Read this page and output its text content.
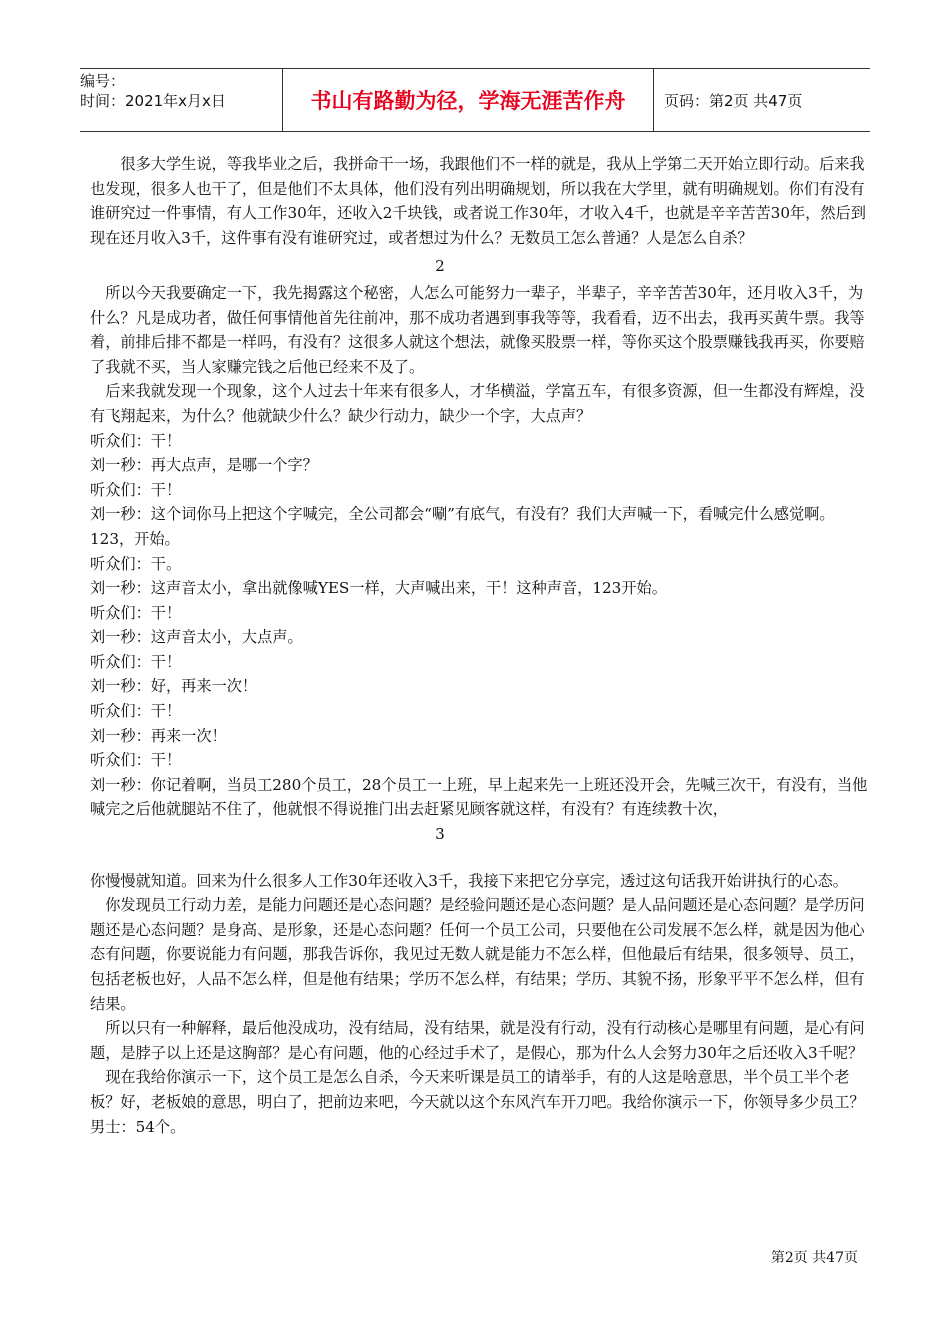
编号：
时间：2021年x月x日	书山有路勤为径，学海无涯苦作舟	页码：第2页 共47页

很多大学生说，等我毕业之后，我拼命干一场，我跟他们不一样的就是，我从上学第二天开始立即行动。后来我也发现，很多人也干了，但是他们不太具体，他们没有列出明确规划，所以我在大学里，就有明确规划。你们有没有谁研究过一件事情，有人工作30年，还收入2千块钱，或者说工作30年，才收入4千，也就是辛辛苦苦30年，然后到现在还月收入3千，这件事有没有谁研究过，或者想过为什么？无数员工怎么普通？人是怎么自杀？

2

所以今天我要确定一下，我先揭露这个秘密，人怎么可能努力一辈子，半辈子，辛辛苦苦30年，还月收入3千，为什么？凡是成功者，做任何事情他首先往前冲，那不成功者遇到事我等等，我看看，迈不出去，我再买黄牛票。我等着，前排后排不都是一样吗，有没有？这很多人就这个想法，就像买股票一样，等你买这个股票赚钱我再买，你要赔了我就不买，当人家赚完钱之后他已经来不及了。

后来我就发现一个现象，这个人过去十年来有很多人，才华横溢，学富五车，有很多资源，但一生都没有辉煌，没有飞翔起来，为什么？他就缺少什么？缺少行动力，缺少一个字，大点声？

听众们：干！

刘一秒：再大点声，是哪一个字？

听众们：干！

刘一秒：这个词你马上把这个字喊完，全公司都会“唰”有底气，有没有？我们大声喊一下，看喊完什么感觉啊。123，开始。

听众们：干。

刘一秒：这声音太小，拿出就像喊YES一样，大声喊出来，干！这种声音，123开始。

听众们：干！

刘一秒：这声音太小，大点声。

听众们：干！

刘一秒：好，再来一次！

听众们：干！

刘一秒：再来一次！

听众们：干！

刘一秒：你记着啊，当员工280个员工，28个员工一上班，早上起来先一上班还没开会，先喊三次干，有没有，当他喊完之后他就腿站不住了，他就恨不得说推门出去赶紧见顾客就这样，有没有？有连续教十次，

3

你慢慢就知道。回来为什么很多人工作30年还收入3千，我接下来把它分享完，透过这句话我开始讲执行的心态。

你发现员工行动力差，是能力问题还是心态问题？是经验问题还是心态问题？是人品问题还是心态问题？是学历问题还是心态问题？是身高、是形象，还是心态问题？任何一个员工公司，只要他在公司发展不怎么样，就是因为他心态有问题，你要说能力有问题，那我告诉你，我见过无数人就是能力不怎么样，但他最后有结果，很多领导、员工，包括老板也好，人品不怎么样，但是他有结果；学历不怎么样，有结果；学历、其貌不扬，形象平平不怎么样，但有结果。

所以只有一种解释，最后他没成功，没有结局，没有结果，就是没有行动，没有行动核心是哪里有问题，是心有问题，是脖子以上还是这胸部？是心有问题，他的心经过手术了，是假心，那为什么人会努力30年之后还收入3千呢？

现在我给你演示一下，这个员工是怎么自杀，今天来听课是员工的请举手，有的人这是啥意思，半个员工半个老板？好，老板娘的意思，明白了，把前边来吧，今天就以这个东风汽车开刀吧。我给你演示一下，你领导多少员工？

男士：54个。

第2页 共47页
